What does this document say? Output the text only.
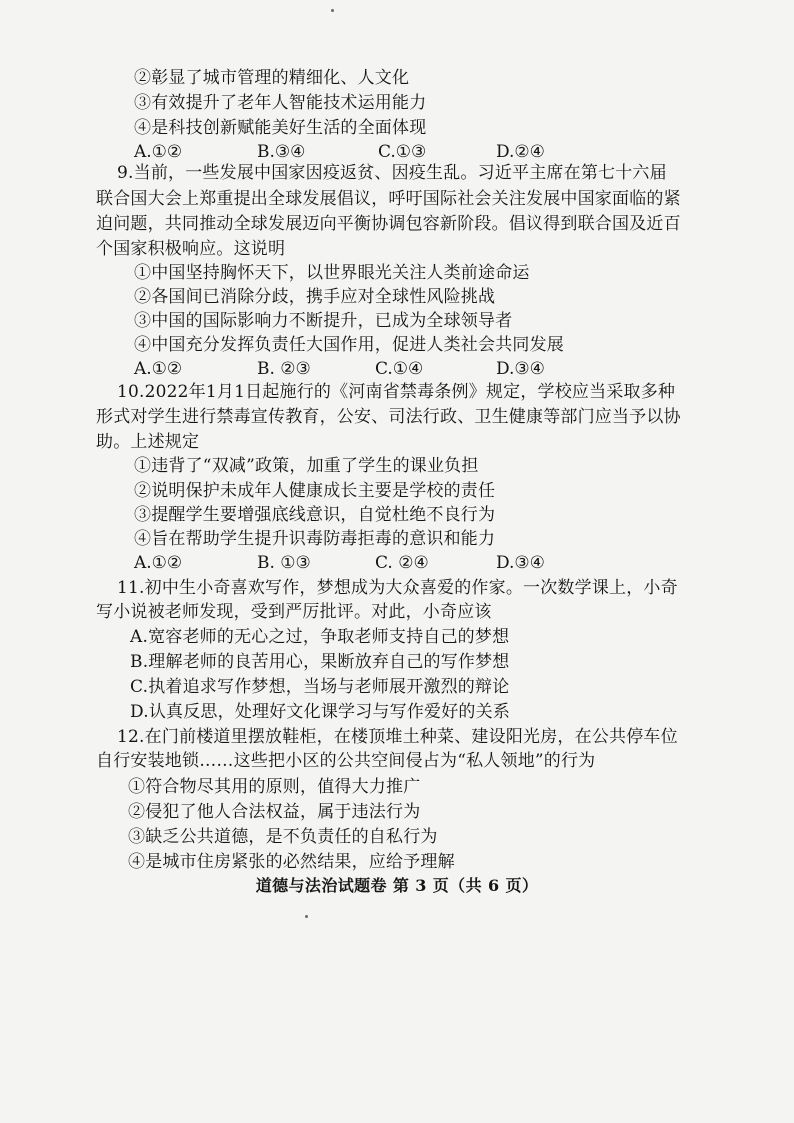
②彰显了城市管理的精细化、人文化
③有效提升了老年人智能技术运用能力
④是科技创新赋能美好生活的全面体现
A.①②	B.③④	C.①③	D.②④
9.当前，一些发展中国家因疫返贫、因疫生乱。习近平主席在第七十六届
联合国大会上郑重提出全球发展倡议，呼吁国际社会关注发展中国家面临的紧
迫问题，共同推动全球发展迈向平衡协调包容新阶段。倡议得到联合国及近百
个国家积极响应。这说明
①中国坚持胸怀天下，以世界眼光关注人类前途命运
②各国间已消除分歧，携手应对全球性风险挑战
③中国的国际影响力不断提升，已成为全球领导者
④中国充分发挥负责任大国作用，促进人类社会共同发展
A.①②	B. ②③	C.①④	D.③④
10.2022年1月1日起施行的《河南省禁毒条例》规定，学校应当采取多种
形式对学生进行禁毒宣传教育，公安、司法行政、卫生健康等部门应当予以协
助。上述规定
①违背了“双减”政策，加重了学生的课业负担
②说明保护未成年人健康成长主要是学校的责任
③提醒学生要增强底线意识，自觉杜绝不良行为
④旨在帮助学生提升识毒防毒拒毒的意识和能力
A.①②	B. ①③	C. ②④	D.③④
11.初中生小奇喜欢写作，梦想成为大众喜爱的作家。一次数学课上，小奇
写小说被老师发现，受到严厉批评。对此，小奇应该
A.宽容老师的无心之过，争取老师支持自己的梦想
B.理解老师的良苦用心，果断放弃自己的写作梦想
C.执着追求写作梦想，当场与老师展开激烈的辩论
D.认真反思，处理好文化课学习与写作爱好的关系
12.在门前楼道里摆放鞋柜，在楼顶堆土种菜、建设阳光房，在公共停车位
自行安装地锁……这些把小区的公共空间侵占为“私人领地”的行为
①符合物尽其用的原则，值得大力推广
②侵犯了他人合法权益，属于违法行为
③缺乏公共道德，是不负责任的自私行为
④是城市住房紧张的必然结果，应给予理解
道德与法治试题卷 第 3 页（共 6 页）
